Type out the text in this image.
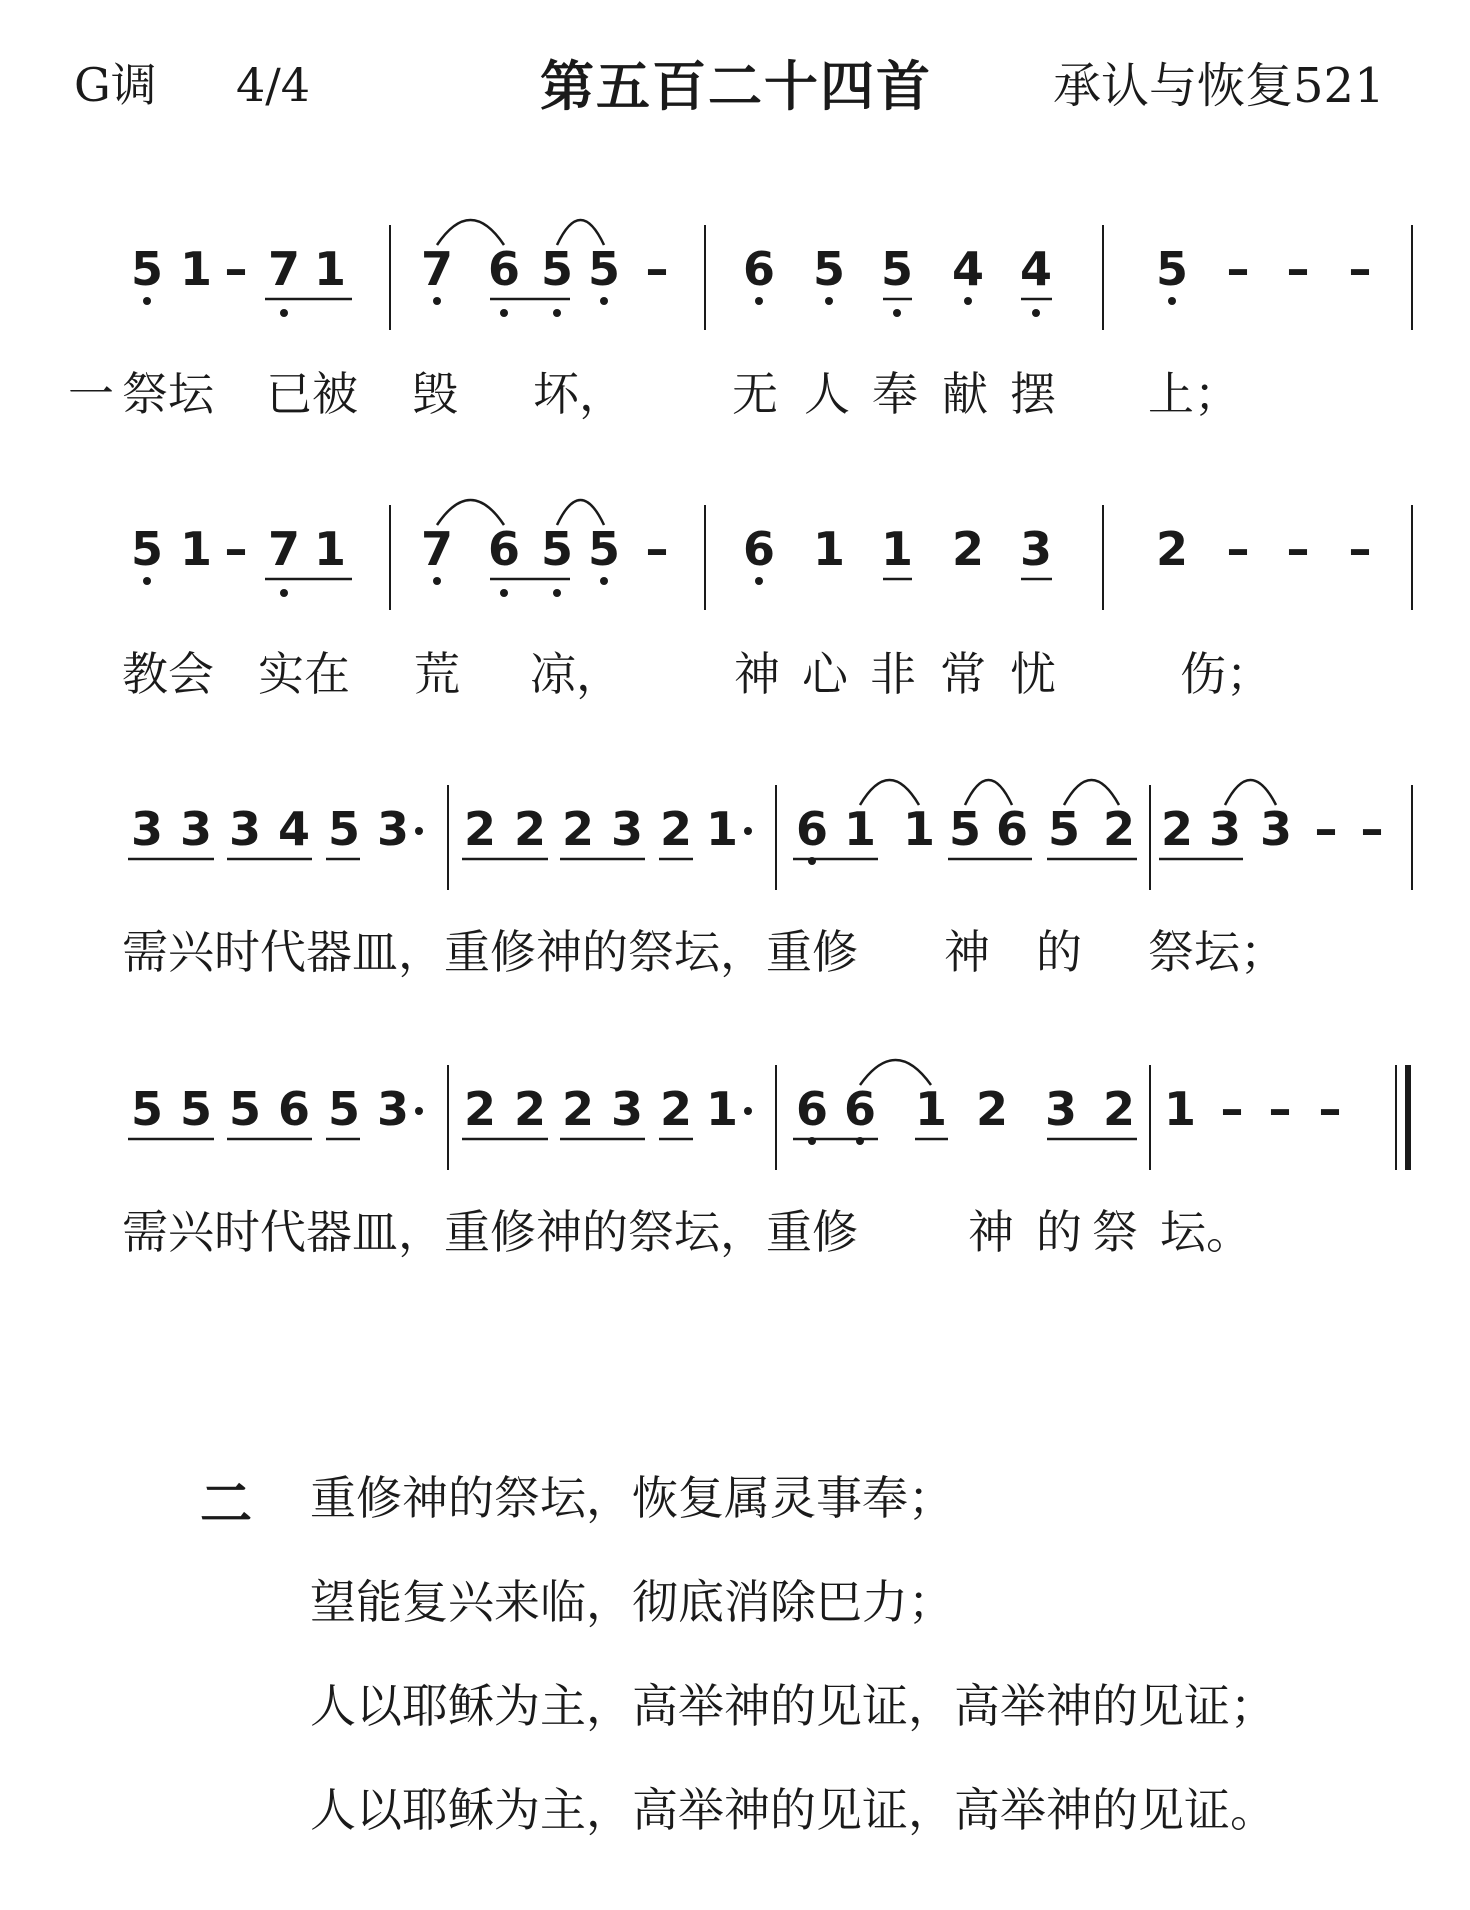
G调 4/4	第五百二十四首	承认与恢复521
5 1 – 7 1 7 6 5 5 – 6 5 5 4 4 5 – – –
一 祭坛 已被 毁 坏， 无 人 奉 献 摆 上；
5 1 – 7 1 7 6 5 5 – 6 1 1 2 3 2 – – –
教会 实在 荒 凉， 神 心 非 常 忧	伤；
3 3 3 4 5 3 2 2 2 3 2 1 6 1 1 5 6 5 2 2 3 3 – –
需兴时代器皿，重修神的祭坛，重修 神 的 祭坛；
5 5 5 6 5 3 2 2 2 3 2 1 6 6 1 2 3 2 1 – – –
需兴时代器皿，重修神的祭坛，重修 神 的 祭 坛。
二 重修神的祭坛，恢复属灵事奉；
望能复兴来临，彻底消除巴力；
人以耶稣为主，高举神的见证，高举神的见证；
人以耶稣为主，高举神的见证，高举神的见证。
